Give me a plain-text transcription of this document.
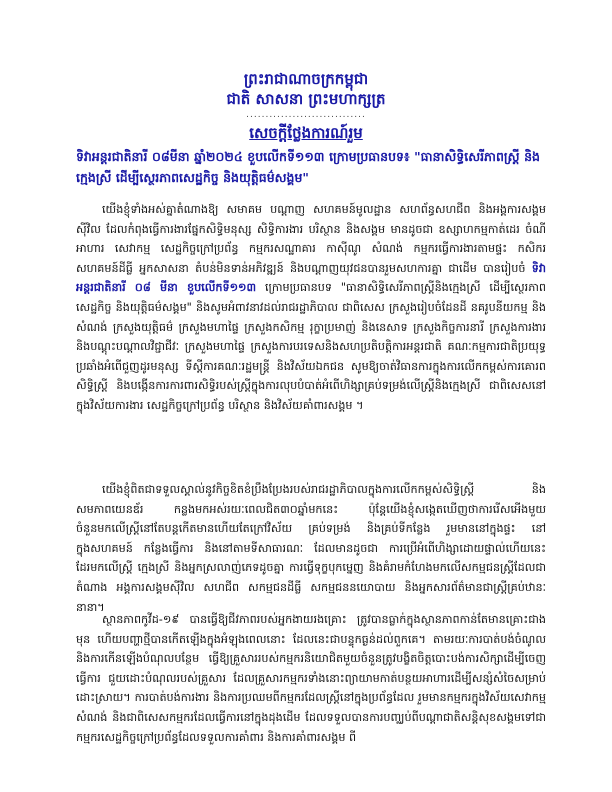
ព្រះរាជាណាចក្រកម្ពុជា
ជាតិ សាសនា ព្រះមហាក្សត្រ
...............................
សេចក្តីថ្លែងការណ៍រួម
ទិវាអន្តរជាតិនារី ០៨មីនា ឆ្នាំ២០២៤ ខួបលើកទី១១៣ ក្រោមប្រធានបទ៖ "ធានាសិទ្ធិសេរីភាពស្រ្តី និងក្មេងស្រី ដើម្បីស្ថេរភាពសេដ្ឋកិច្ច និងយុត្តិធម៌សង្គម"
យើងខ្ញុំទាំងអស់គ្នាតំណាងឱ្យ សមាគម បណ្តាញ សហគមន៍មូលដ្ឋាន សហព័ន្ធសហជីព និងអង្គការសង្គមស៊ីវិល ដែលកំពុងធ្វើការងារផ្នែកសិទ្ធិមនុស្ស សិទ្ធិការងារ បរិស្ថាន និងសង្គម មានដូចជា ឧស្សាហកម្មកាត់ដេរ ចំណីអាហារ សេវាកម្ម សេដ្ឋកិច្ចក្រៅប្រព័ន្ធ កម្មករសណ្ឋាគារ កាស៊ីណូ សំណង់ កម្មករធ្វើការងារតាមផ្ទះ កសិករ សហគមន៍ដីធ្លី អ្នកសាសនា តំបន់មិនទាន់អភិវឌ្ឍន៍ និងបណ្តាញយុវជនបានរួមសហការគ្នា ជាដើម បានរៀបចំ ទិវាអន្តរជាតិនារី ០៨ មីនា ខួបលើកទី១១៣ ក្រោមប្រធានបទ "ធានាសិទ្ធិសេរីភាពស្រ្តីនិងក្មេងស្រី ដើម្បីស្ថេរភាពសេដ្ឋកិច្ច និងយុត្តិធម៌សង្គម" និងសូមអំពាវនាវដល់រាជរដ្ឋាភិបាល ជាពិសេស ក្រសួងរៀបចំដែនដី នគរូបនីយកម្ម និងសំណង់ ក្រសួងយុត្តិធម៌ ក្រសួងមហាផ្ទៃ ក្រសួងកសិកម្ម រុក្ខាប្រមាញ់ និងនេសាទ ក្រសួងកិច្ចការនារី ក្រសួងការងារ និងបណ្តុះបណ្តាលវិជ្ជាជីវៈ ក្រសួងមហាផ្ទៃ ក្រសួងការបរទេសនិងសហប្រតិបត្តិការអន្តរជាតិ គណៈកម្មការជាតិប្រយុទ្ធប្រឆាំងអំពើជួញដូរមនុស្ស ទីស្តីការគណៈរដ្ឋមន្ត្រី និងវិស័យឯកជន សូមឱ្យចាត់វិធានការក្នុងការលើកកម្ពស់ការគោរពសិទ្ធិស្រ្តី និងបង្កើនការការពារសិទ្ធិរបស់ស្រ្តីក្នុងការលុបបំបាត់អំពើហិង្សាគ្រប់ទម្រង់លើស្រ្តីនិងក្មេងស្រី ជាពិសេសនៅក្នុងវិស័យការងារ សេដ្ឋកិច្ចក្រៅប្រព័ន្ធ បរិស្ថាន និងវិស័យគាំពារសង្គម ។
យើងខ្ញុំពិតជាទទួលស្គាល់នូវកិច្ចខិតខំប្រឹងប្រែងរបស់រាជរដ្ឋាភិបាលក្នុងការលើកកម្ពស់សិទ្ធិស្រ្តី និងសមភាពយេនឌ័រ កន្លងមកអស់រយៈពេលជិត៣០ឆ្នាំមកនេះ ប៉ុន្តែយើងខ្ញុំសង្កេតឃើញថាការរើសអើងមួយចំនួនមកលើស្រ្តីនៅតែបន្តកើតមានហើយតែក្រៅវិស័យ គ្រប់ទម្រង់ និងគ្រប់ទីកន្លែង រួមមាននៅក្នុងផ្ទះ នៅក្នុងសហគមន៍ កន្លែងធ្វើការ និងនៅតាមទីសាធារណៈ ដែលមានដូចជា ការប្រើអំពើហិង្សាដោយផ្ទាល់ហើយនេះដែរមកលើស្រ្តី ក្មេងស្រី និងអ្នកស្រលាញ់ភេទដូចគ្នា ការធ្វើទុក្ខបុកម្នេញ និងគំរាមកំហែងមកលើសកម្មជនស្រ្តីដែលជាតំណាង អង្គការសង្គមស៊ីវិល សហជីព សកម្មជនដីធ្លី សកម្មជននយោបាយ និងអ្នកសារព័ត៌មានជាស្ត្រីគ្រប់ឋានៈនានា។
ស្ថានភាពកូវីដ-១៩ បានធ្វើឱ្យជីវភាពរបស់អ្នកងាយរងគ្រោះ ត្រូវបានធ្លាក់ក្នុងស្ថានភាពកាន់តែមានគ្រោះជាងមុន ហើយបញ្ហាថ្មីបានកើតឡើងក្នុងអំឡុងពេលនោះ ដែលនេះជាបន្ទុកធ្ងន់ដល់ពួកគេ។ តាមរយៈការបាត់បង់ចំណូល និងការកើនឡើងបំណុលបន្ថែម ធ្វើឱ្យគ្រួសាររបស់កម្មករនិយោជិតមួយចំនួនត្រូវបង្ខិតចិត្តបោះបង់ការសិក្សាដើម្បីចេញធ្វើការ ជួយដោះបំណុលរបស់គ្រួសារ ដែលគ្រួសារកម្មករទាំងនោះព្យាយាមកាត់បន្ថយអាហារដើម្បីសន្សំសំចៃសម្រាប់ដោះស្រាយ។ ការបាត់បង់ការងារ និងការប្រឈមពីកម្មករដែលស្រ្តីនៅក្នុងប្រព័ន្ធដែល រួមមានកម្មករក្នុងវិស័យសេវាកម្ម សំណង់ និងជាពិសេសកម្មករដែលធ្វើការនៅក្នុងដុងដើម ដែលទទួលបានការបញ្ឈប់ពីបណ្តាជាតិសន្តិសុខសង្គមទៅជា កម្មករសេដ្ឋកិច្ចក្រៅប្រព័ន្ធដែលទទួលការគាំពារ និងការគាំពារសង្គម ពី
